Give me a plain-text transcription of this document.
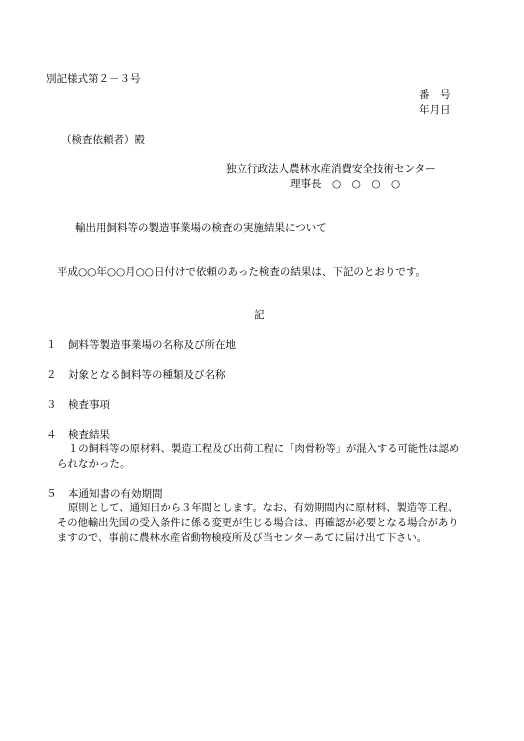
別記様式第２－３号
番　号
年月日
（検査依頼者）殿
独立行政法人農林水産消費安全技術センター
理事長　○　○　○　○
輸出用飼料等の製造事業場の検査の実施結果について
平成○○年○○月○○日付けで依頼のあった検査の結果は、下記のとおりです。
記
１ 飼料等製造事業場の名称及び所在地
２ 対象となる飼料等の種類及び名称
３ 検査事項
４ 検査結果
１の飼料等の原材料、製造工程及び出荷工程に「肉骨粉等」が混入する可能性は認め
られなかった。
５ 本通知書の有効期間
原則として、通知日から３年間とします。なお、有効期間内に原材料、製造等工程、
その他輸出先国の受入条件に係る変更が生じる場合は、再確認が必要となる場合があり
ますので、事前に農林水産省動物検疫所及び当センターあてに届け出て下さい。
